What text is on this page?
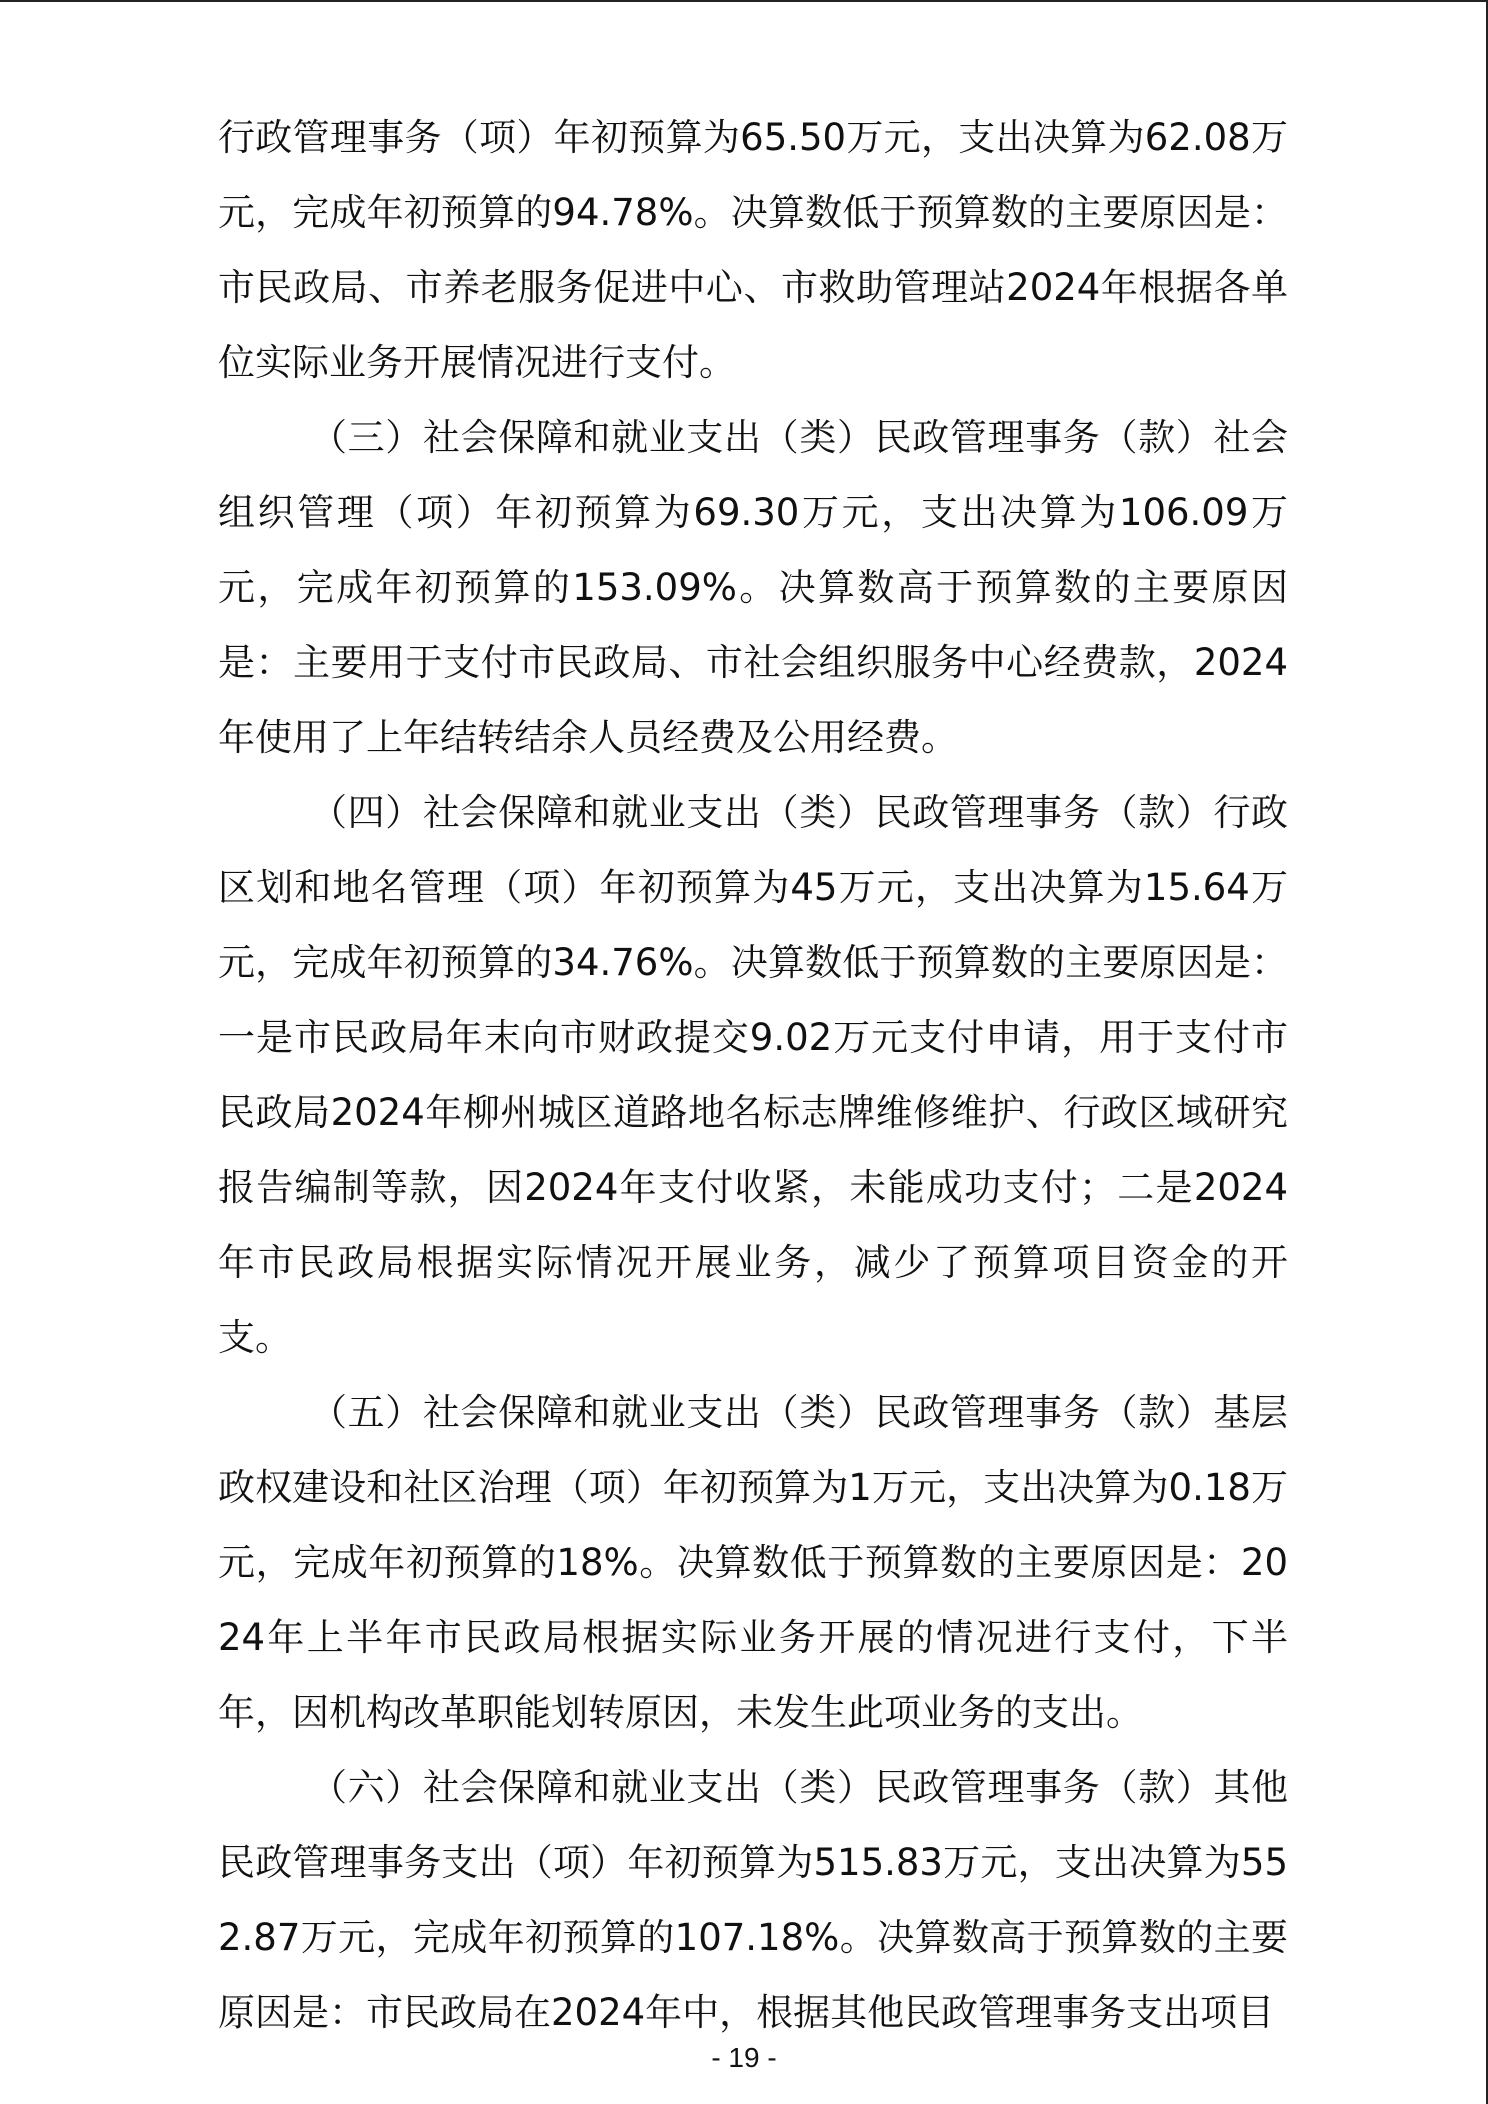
行政管理事务（项）年初预算为65.50万元，支出决算为62.08万元，完成年初预算的94.78%。决算数低于预算数的主要原因是：市民政局、市养老服务促进中心、市救助管理站2024年根据各单位实际业务开展情况进行支付。

（三）社会保障和就业支出（类）民政管理事务（款）社会组织管理（项）年初预算为69.30万元，支出决算为106.09万元，完成年初预算的153.09%。决算数高于预算数的主要原因是：主要用于支付市民政局、市社会组织服务中心经费款，2024年使用了上年结转结余人员经费及公用经费。

（四）社会保障和就业支出（类）民政管理事务（款）行政区划和地名管理（项）年初预算为45万元，支出决算为15.64万元，完成年初预算的34.76%。决算数低于预算数的主要原因是：一是市民政局年末向市财政提交9.02万元支付申请，用于支付市民政局2024年柳州城区道路地名标志牌维修维护、行政区域研究报告编制等款，因2024年支付收紧，未能成功支付；二是2024年市民政局根据实际情况开展业务，减少了预算项目资金的开支。

（五）社会保障和就业支出（类）民政管理事务（款）基层政权建设和社区治理（项）年初预算为1万元，支出决算为0.18万元，完成年初预算的18%。决算数低于预算数的主要原因是：2024年上半年市民政局根据实际业务开展的情况进行支付，下半年，因机构改革职能划转原因，未发生此项业务的支出。

（六）社会保障和就业支出（类）民政管理事务（款）其他民政管理事务支出（项）年初预算为515.83万元，支出决算为552.87万元，完成年初预算的107.18%。决算数高于预算数的主要原因是：市民政局在2024年中，根据其他民政管理事务支出项目

- 19 -
